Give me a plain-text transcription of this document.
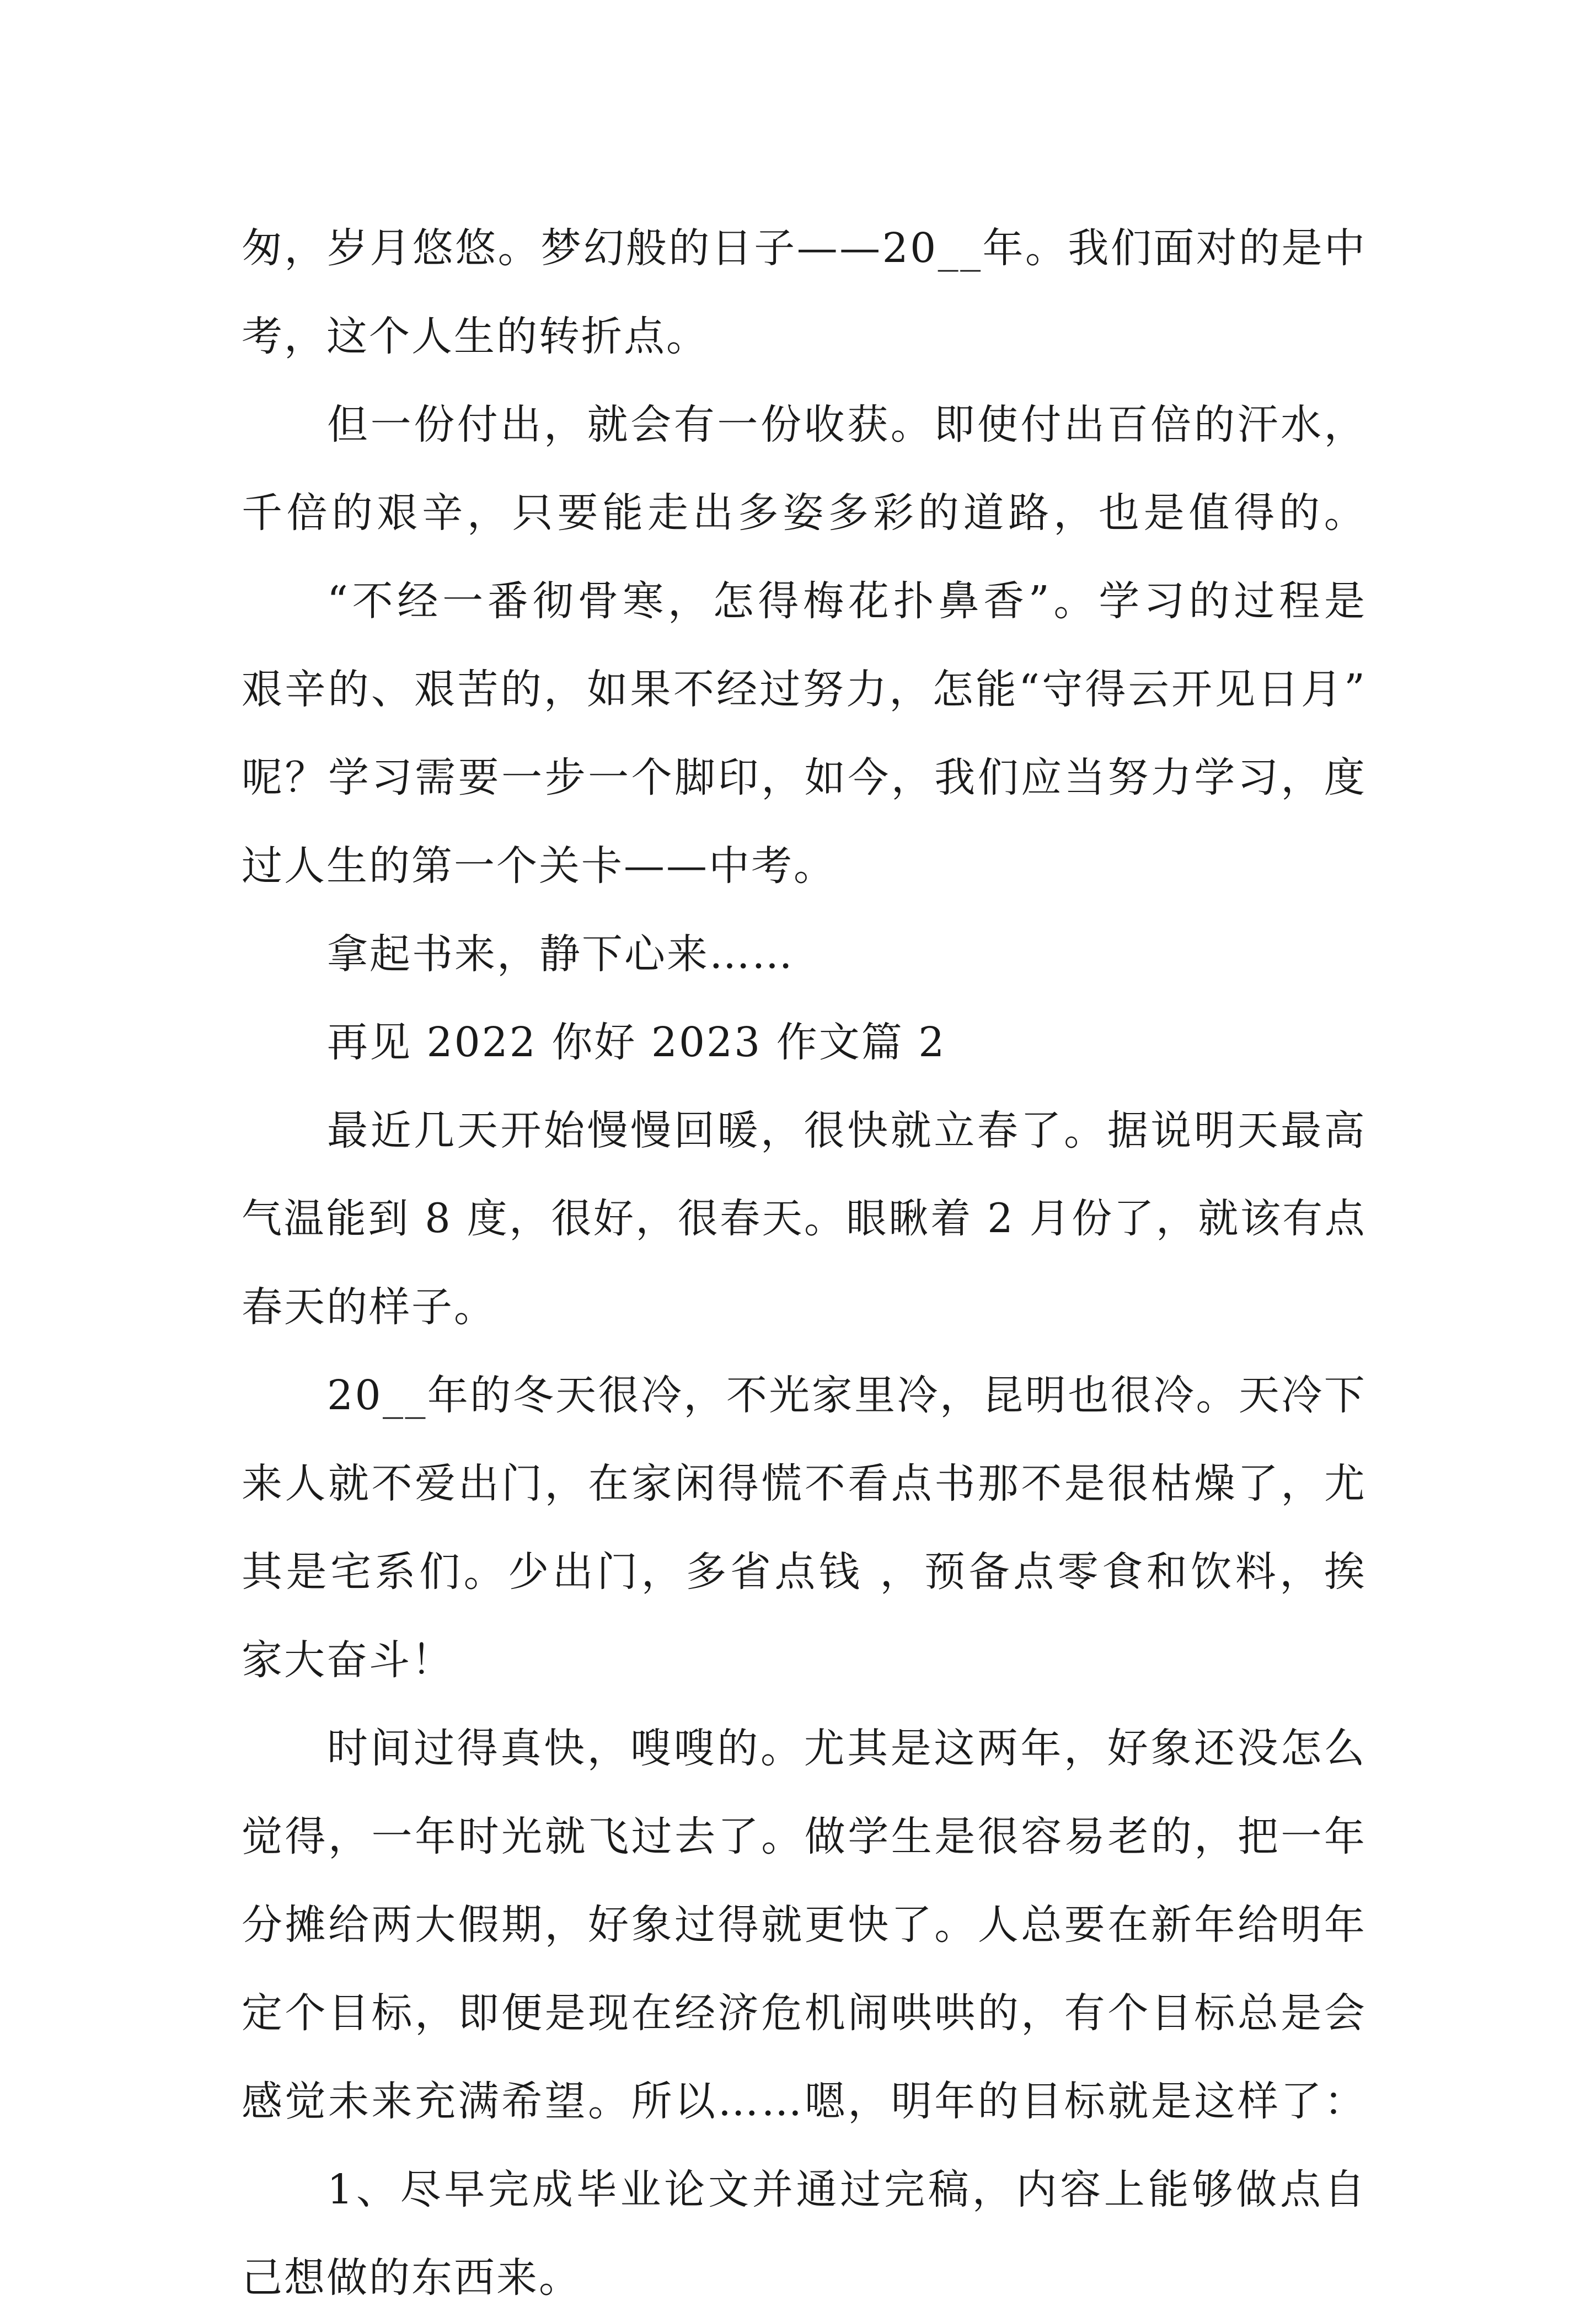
匆 ， 岁 月 悠 悠 。 梦 幻 般 的 日 子 — — 2 0 _ _ 年 。 我 们 面 对 的 是 中
考，这个人生的转折点。
但 一 份 付 出 ， 就 会 有 一 份 收 获 。 即 使 付 出 百 倍 的 汗 水 ，
千 倍 的 艰 辛 ， 只 要 能 走 出 多 姿 多 彩 的 道 路 ， 也 是 值 得 的 。
“ 不 经 一 番 彻 骨 寒 ， 怎 得 梅 花 扑 鼻 香 ” 。 学 习 的 过 程 是
艰 辛 的 、 艰 苦 的 ， 如 果 不 经 过 努 力 ， 怎 能 “ 守 得 云 开 见 日 月 ”
呢 ？ 学 习 需 要 一 步 一 个 脚 印 ， 如 今 ， 我 们 应 当 努 力 学 习 ， 度
过人生的第一个关卡——中考。
拿起书来，静下心来……
再见 2022 你好 2023 作文篇 2
最 近 几 天 开 始 慢 慢 回 暖 ， 很 快 就 立 春 了 。 据 说 明 天 最 高
气 温 能 到
8
度 ， 很 好 ， 很 春 天 。 眼 瞅 着
2
月 份 了 ， 就 该 有 点
春天的样子。
2 0 _ _ 年 的 冬 天 很 冷 ， 不 光 家 里 冷 ， 昆 明 也 很 冷 。 天 冷 下
来 人 就 不 爱 出 门 ， 在 家 闲 得 慌 不 看 点 书 那 不 是 很 枯 燥 了 ， 尤
其 是 宅 系 们 。 少 出 门 ， 多 省 点 钱
， 预 备 点 零 食 和 饮 料 ， 挨
家大奋斗！
时 间 过 得 真 快 ， 嗖 嗖 的 。 尤 其 是 这 两 年 ， 好 象 还 没 怎 么
觉 得 ， 一 年 时 光 就 飞 过 去 了 。 做 学 生 是 很 容 易 老 的 ， 把 一 年
分 摊 给 两 大 假 期 ， 好 象 过 得 就 更 快 了 。 人 总 要 在 新 年 给 明 年
定 个 目 标 ， 即 便 是 现 在 经 济 危 机 闹 哄 哄 的 ， 有 个 目 标 总 是 会
感 觉 未 来 充 满 希 望 。 所 以 … … 嗯 ， 明 年 的 目 标 就 是 这 样 了 ：
1 、 尽 早 完 成 毕 业 论 文 并 通 过 完 稿 ， 内 容 上 能 够 做 点 自
己想做的东西来。
